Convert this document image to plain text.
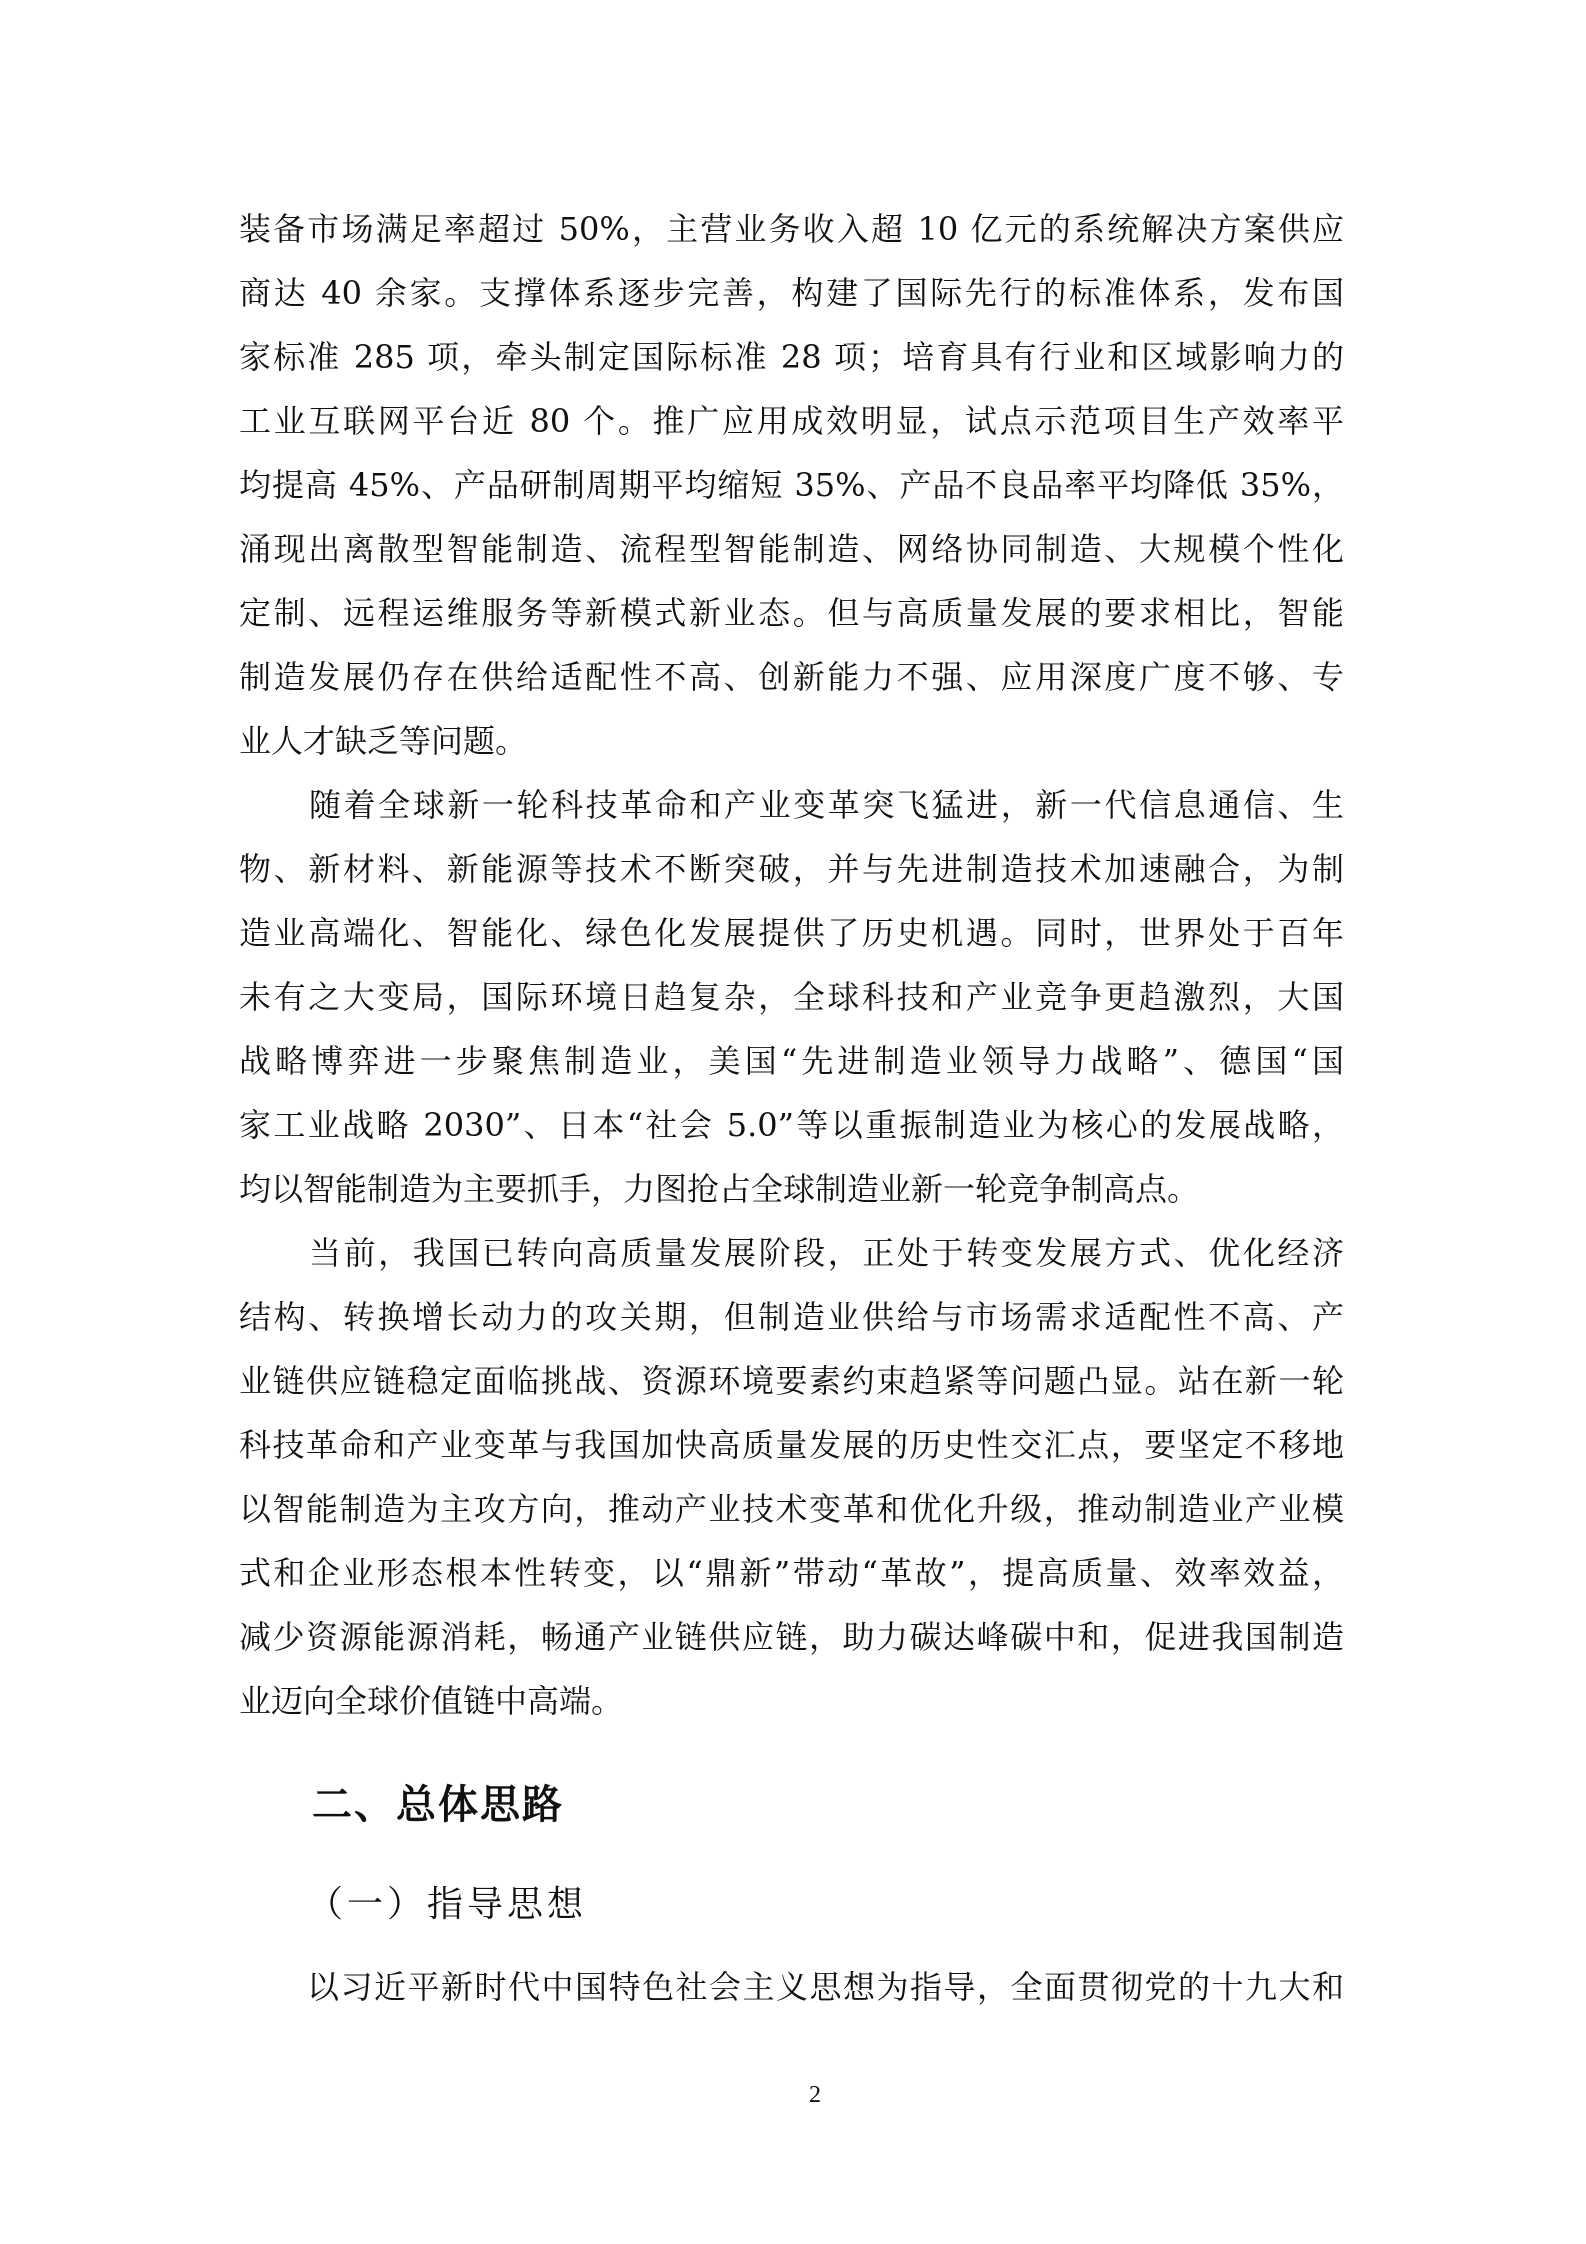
装备市场满足率超过 50%，主营业务收入超 10 亿元的系统解决方案供应
商达 40 余家。支撑体系逐步完善，构建了国际先行的标准体系，发布国
家标准 285 项，牵头制定国际标准 28 项；培育具有行业和区域影响力的
工业互联网平台近 80 个。推广应用成效明显，试点示范项目生产效率平
均提高 45%、产品研制周期平均缩短 35%、产品不良品率平均降低 35%，
涌现出离散型智能制造、流程型智能制造、网络协同制造、大规模个性化
定制、远程运维服务等新模式新业态。但与高质量发展的要求相比，智能
制造发展仍存在供给适配性不高、创新能力不强、应用深度广度不够、专
业人才缺乏等问题。
随着全球新一轮科技革命和产业变革突飞猛进，新一代信息通信、生
物、新材料、新能源等技术不断突破，并与先进制造技术加速融合，为制
造业高端化、智能化、绿色化发展提供了历史机遇。同时，世界处于百年
未有之大变局，国际环境日趋复杂，全球科技和产业竞争更趋激烈，大国
战略博弈进一步聚焦制造业，美国“先进制造业领导力战略”、德国“国
家工业战略 2030”、日本“社会 5.0”等以重振制造业为核心的发展战略，
均以智能制造为主要抓手，力图抢占全球制造业新一轮竞争制高点。
当前，我国已转向高质量发展阶段，正处于转变发展方式、优化经济
结构、转换增长动力的攻关期，但制造业供给与市场需求适配性不高、产
业链供应链稳定面临挑战、资源环境要素约束趋紧等问题凸显。站在新一轮
科技革命和产业变革与我国加快高质量发展的历史性交汇点，要坚定不移地
以智能制造为主攻方向，推动产业技术变革和优化升级，推动制造业产业模
式和企业形态根本性转变，以“鼎新”带动“革故”，提高质量、效率效益，
减少资源能源消耗，畅通产业链供应链，助力碳达峰碳中和，促进我国制造
业迈向全球价值链中高端。
二、总体思路
（一）指导思想
以习近平新时代中国特色社会主义思想为指导，全面贯彻党的十九大和
2
